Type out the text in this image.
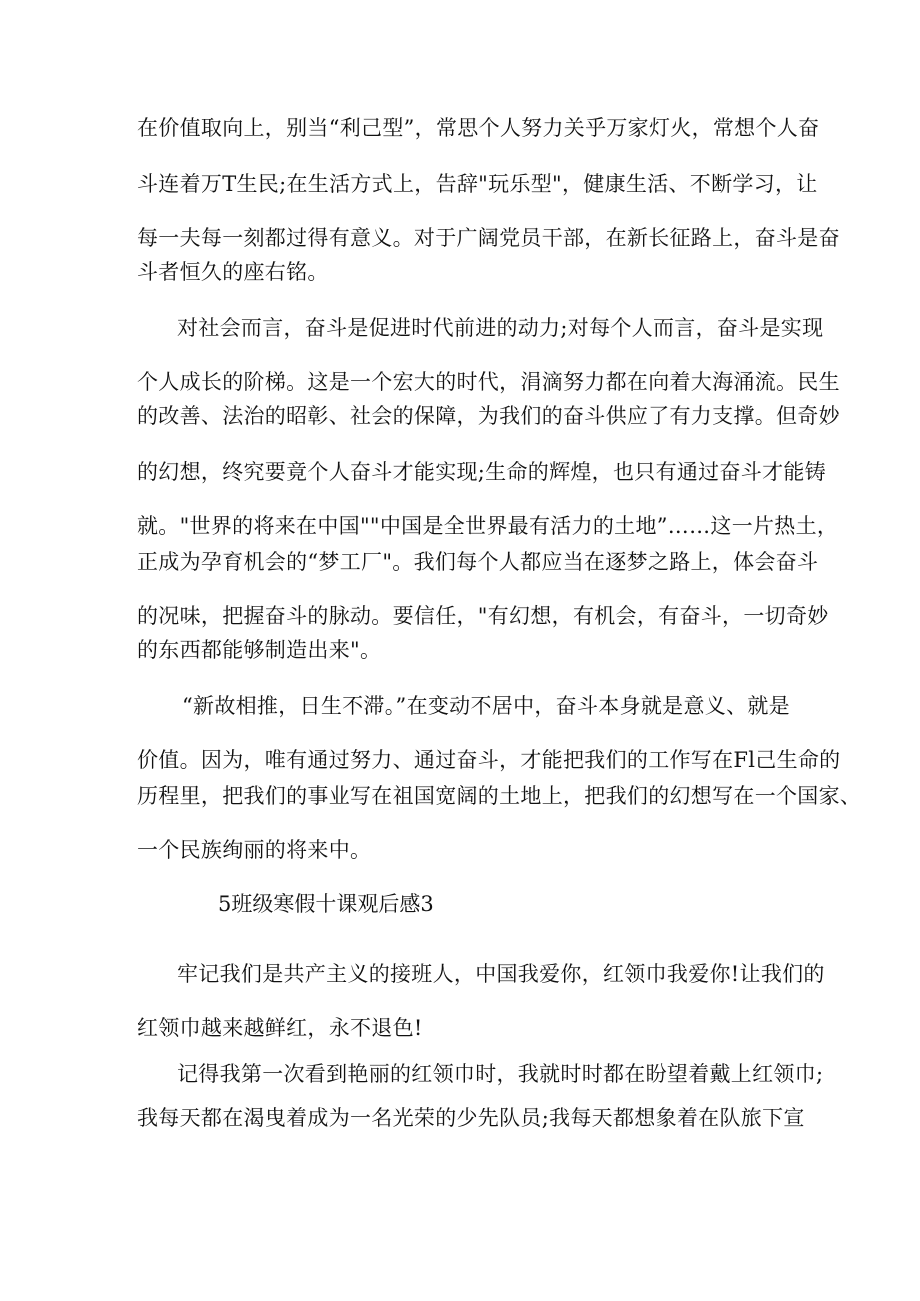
在价值取向上，别当“利己型”，常思个人努力关乎万家灯火，常想个人奋
斗连着万T生民;在生活方式上，告辞"玩乐型"，健康生活、不断学习，让
每一夫每一刻都过得有意义。对于广阔党员干部，在新长征路上，奋斗是奋
斗者恒久的座右铭。
对社会而言，奋斗是促进时代前进的动力;对每个人而言，奋斗是实现
个人成长的阶梯。这是一个宏大的时代，涓滴努力都在向着大海涌流。民生
的改善、法治的昭彰、社会的保障，为我们的奋斗供应了有力支撑。但奇妙
的幻想，终究要竟个人奋斗才能实现;生命的辉煌，也只有通过奋斗才能铸
就。"世界的将来在中国""中国是全世界最有活力的土地”……这一片热土，
正成为孕育机会的“梦工厂"。我们每个人都应当在逐梦之路上，体会奋斗
的况味，把握奋斗的脉动。要信任，"有幻想，有机会，有奋斗，一切奇妙
的东西都能够制造出来"。
“新故相推，日生不滞。”在变动不居中，奋斗本身就是意义、就是
价值。因为，唯有通过努力、通过奋斗，才能把我们的工作写在Fl己生命的
历程里，把我们的事业写在祖国宽阔的土地上，把我们的幻想写在一个国家、
一个民族绚丽的将来中。
5班级寒假十课观后感3
牢记我们是共产主义的接班人，中国我爱你，红领巾我爱你!让我们的
红领巾越来越鲜红，永不退色!
记得我第一次看到艳丽的红领巾时，我就时时都在盼望着戴上红领巾;
我每天都在渴曳着成为一名光荣的少先队员;我每天都想象着在队旅下宣
